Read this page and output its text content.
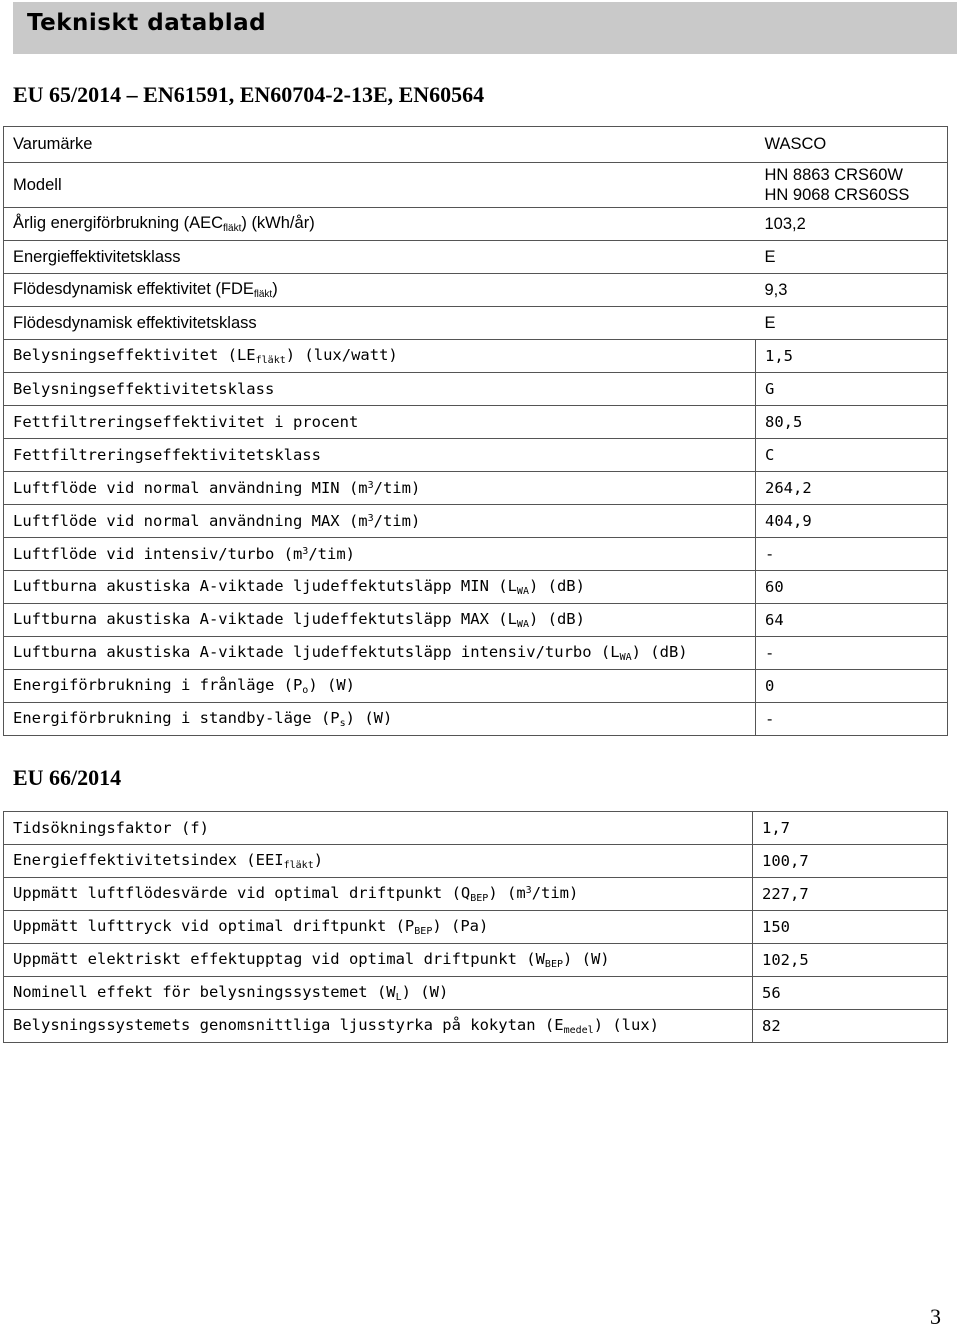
Tekniskt datablad
EU 65/2014 – EN61591, EN60704-2-13E, EN60564
Varumärke	WASCO
Modell	HN 8863 CRS60W
HN 9068 CRS60SS

Årlig energiförbrukning $(AEC_{fläkt})$ (kWh/år)	103,2
Energieffektivitetsklass	E
Flödesdynamisk effektivitet $(FDE_{fläkt})$	9,3
Flödesdynamisk effektivitetsklass	E
Belysningseffektivitet $(LE_{fläkt})$ (lux/watt)	1,5
Belysningseffektivitetsklass	G
Fettfiltreringseffektivitet i procent	80,5
Fettfiltreringseffektivitetsklass	C
Luftflöde vid normal användning MIN $(m^3/tim)$	264,2
Luftflöde vid normal användning MAX $(m^3/tim)$	404,9
Luftflöde vid intensiv/turbo $(m^3/tim)$	-
Luftburna akustiska A-viktade ljudeffektutsläpp MIN $(L_{WA})$ (dB)	60
Luftburna akustiska A-viktade ljudeffektutsläpp MAX $(L_{WA})$ (dB)	64
Luftburna akustiska A-viktade ljudeffektutsläpp intensiv/turbo $(L_{WA})$ (dB)	-
Energiförbrukning i frånläge $(P_o)$ (W)	0
Energiförbrukning i standby-läge $(P_s)$ (W)	-
EU 66/2014
Tidsökningsfaktor (f)	1,7
Energieffektivitetsindex $(EEI_{fläkt})$	100,7
Uppmätt luftflödesvärde vid optimal driftpunkt $(Q_{BEP})$ $(m^3/tim)$	227,7
Uppmätt lufttryck vid optimal driftpunkt $(P_{BEP})$ (Pa)	150
Uppmätt elektriskt effektupptag vid optimal driftpunkt $(W_{BEP})$ (W)	102,5
Nominell effekt för belysningssystemet $(W_L)$ (W)	56
Belysningssystemets genomsnittliga ljusstyrka på kokytan $(E_{medel})$ (lux)	82
3
